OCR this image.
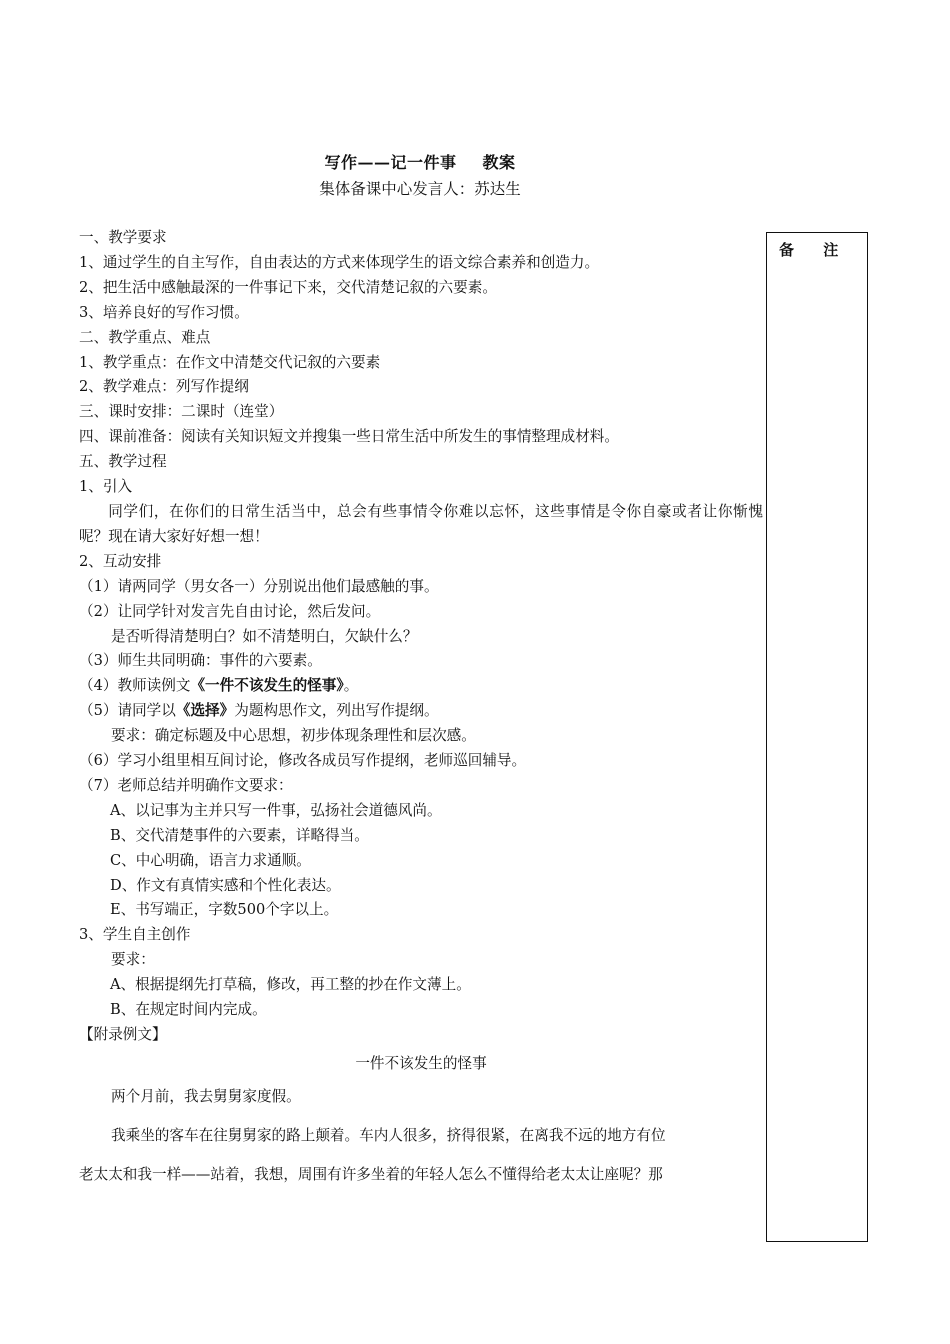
写作——记一件事 教案
集体备课中心发言人：苏达生

一、教学要求

1、通过学生的自主写作，自由表达的方式来体现学生的语文综合素养和创造力。

2、把生活中感触最深的一件事记下来，交代清楚记叙的六要素。

3、培养良好的写作习惯。

二、教学重点、难点

1、教学重点：在作文中清楚交代记叙的六要素

2、教学难点：列写作提纲

三、课时安排：二课时（连堂）

四、课前准备：阅读有关知识短文并搜集一些日常生活中所发生的事情整理成材料。

五、教学过程

1、引入

同学们，在你们的日常生活当中，总会有些事情令你难以忘怀，这些事情是令你自豪或者让你惭愧呢？现在请大家好好想一想！

2、互动安排

（1）请两同学（男女各一）分别说出他们最感触的事。

（2）让同学针对发言先自由讨论，然后发问。

是否听得清楚明白？如不清楚明白，欠缺什么？

（3）师生共同明确：事件的六要素。

（4）教师读例文《一件不该发生的怪事》。

（5）请同学以《选择》为题构思作文，列出写作提纲。

要求：确定标题及中心思想，初步体现条理性和层次感。

（6）学习小组里相互间讨论，修改各成员写作提纲，老师巡回辅导。

（7）老师总结并明确作文要求：

A、以记事为主并只写一件事，弘扬社会道德风尚。

B、交代清楚事件的六要素，详略得当。

C、中心明确，语言力求通顺。

D、作文有真情实感和个性化表达。

E、书写端正，字数500个字以上。

3、学生自主创作

要求：

A、根据提纲先打草稿，修改，再工整的抄在作文薄上。

B、在规定时间内完成。

【附录例文】

一件不该发生的怪事

两个月前，我去舅舅家度假。

我乘坐的客车在往舅舅家的路上颠着。车内人很多，挤得很紧，在离我不远的地方有位

老太太和我一样——站着，我想，周围有许多坐着的年轻人怎么不懂得给老太太让座呢？那

备 注
